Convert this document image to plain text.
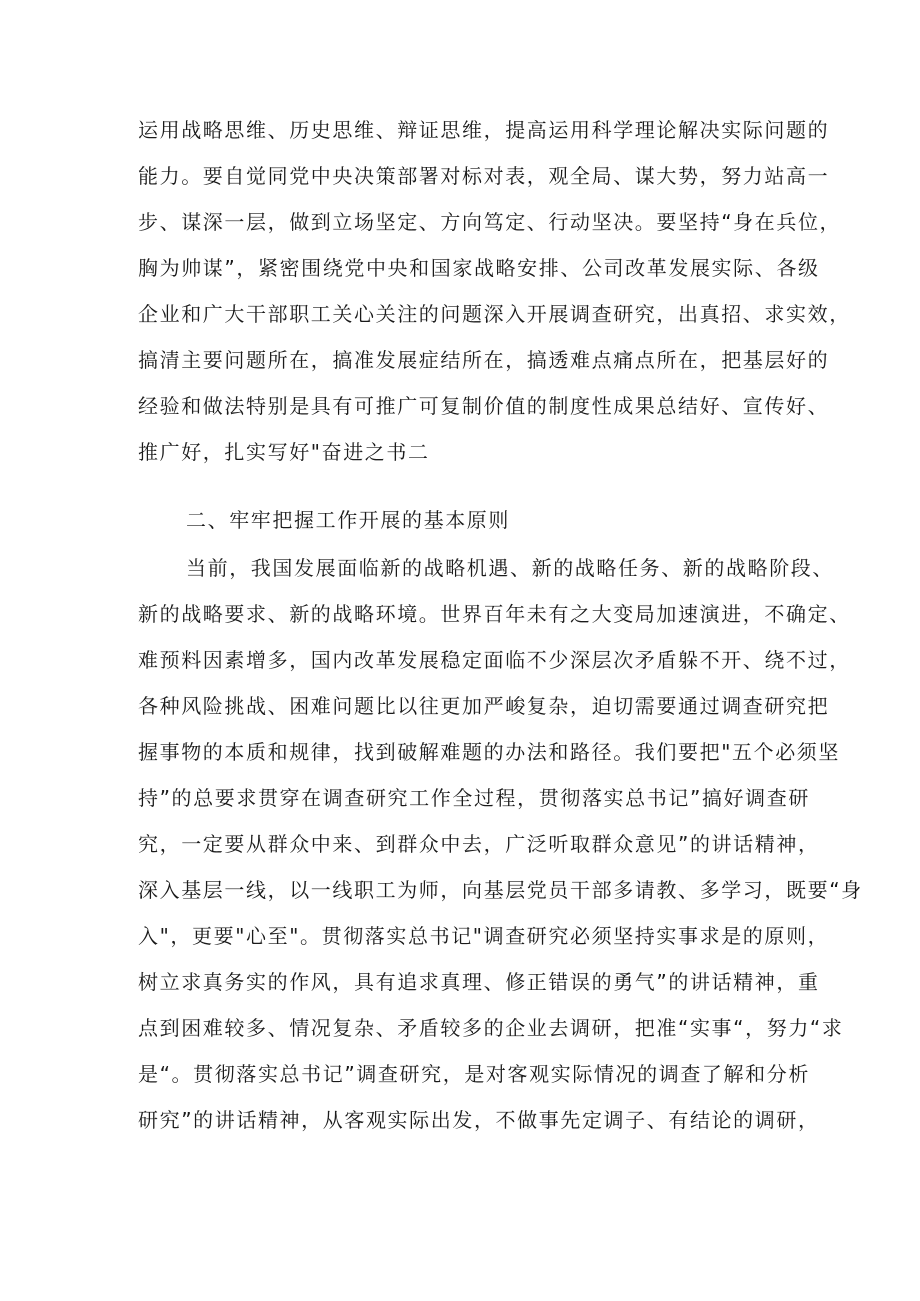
运用战略思维、历史思维、辩证思维，提高运用科学理论解决实际问题的
能力。要自觉同党中央决策部署对标对表，观全局、谋大势，努力站高一
步、谋深一层，做到立场坚定、方向笃定、行动坚决。要坚持“身在兵位，
胸为帅谋”，紧密围绕党中央和国家战略安排、公司改革发展实际、各级
企业和广大干部职工关心关注的问题深入开展调查研究，出真招、求实效，
搞清主要问题所在，搞准发展症结所在，搞透难点痛点所在，把基层好的
经验和做法特别是具有可推广可复制价值的制度性成果总结好、宣传好、
推广好，扎实写好"奋进之书二
二、牢牢把握工作开展的基本原则
当前，我国发展面临新的战略机遇、新的战略任务、新的战略阶段、
新的战略要求、新的战略环境。世界百年未有之大变局加速演进，不确定、
难预料因素增多，国内改革发展稳定面临不少深层次矛盾躲不开、绕不过，
各种风险挑战、困难问题比以往更加严峻复杂，迫切需要通过调查研究把
握事物的本质和规律，找到破解难题的办法和路径。我们要把"五个必须坚
持”的总要求贯穿在调查研究工作全过程，贯彻落实总书记”搞好调查研
究，一定要从群众中来、到群众中去，广泛听取群众意见”的讲话精神，
深入基层一线，以一线职工为师，向基层党员干部多请教、多学习，既要“身
入"，更要"心至"。贯彻落实总书记"调查研究必须坚持实事求是的原则，
树立求真务实的作风，具有追求真理、修正错误的勇气”的讲话精神，重
点到困难较多、情况复杂、矛盾较多的企业去调研，把准“实事“，努力“求
是“。贯彻落实总书记”调查研究，是对客观实际情况的调查了解和分析
研究”的讲话精神，从客观实际出发，不做事先定调子、有结论的调研，
